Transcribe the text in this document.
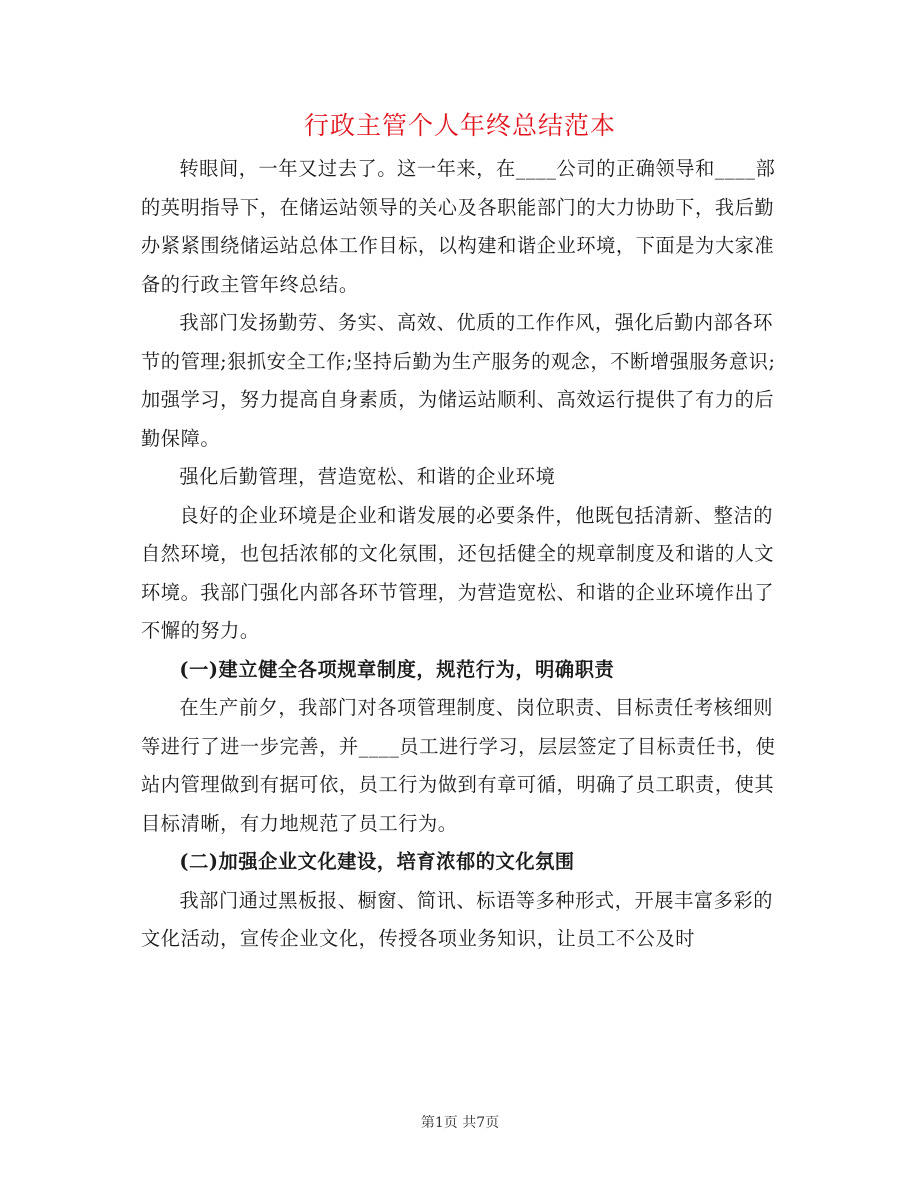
行政主管个人年终总结范本

转眼间，一年又过去了。这一年来，在____公司的正确领导和____部的英明指导下，在储运站领导的关心及各职能部门的大力协助下，我后勤办紧紧围绕储运站总体工作目标，以构建和谐企业环境，下面是为大家准备的行政主管年终总结。

我部门发扬勤劳、务实、高效、优质的工作作风，强化后勤内部各环节的管理;狠抓安全工作;坚持后勤为生产服务的观念，不断增强服务意识;加强学习，努力提高自身素质，为储运站顺利、高效运行提供了有力的后勤保障。

强化后勤管理，营造宽松、和谐的企业环境

良好的企业环境是企业和谐发展的必要条件，他既包括清新、整洁的自然环境，也包括浓郁的文化氛围，还包括健全的规章制度及和谐的人文环境。我部门强化内部各环节管理，为营造宽松、和谐的企业环境作出了不懈的努力。

(一)建立健全各项规章制度，规范行为，明确职责

在生产前夕，我部门对各项管理制度、岗位职责、目标责任考核细则等进行了进一步完善，并____员工进行学习，层层签定了目标责任书，使站内管理做到有据可依，员工行为做到有章可循，明确了员工职责，使其目标清晰，有力地规范了员工行为。

(二)加强企业文化建设，培育浓郁的文化氛围

我部门通过黑板报、橱窗、简讯、标语等多种形式，开展丰富多彩的文化活动，宣传企业文化，传授各项业务知识，让员工不公及时

第1页 共7页
